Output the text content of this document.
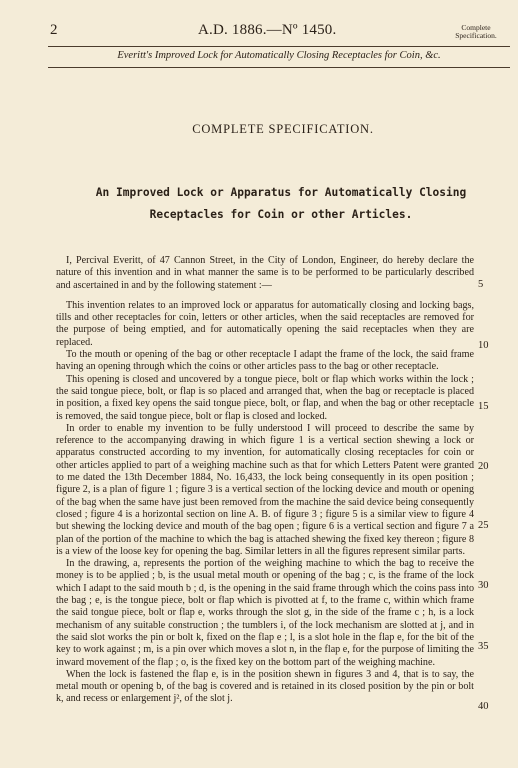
2	A.D. 1886.—Nº 1450.	Complete
Specification.
Everitt's Improved Lock for Automatically Closing Receptacles for Coin, &c.
COMPLETE SPECIFICATION.
An Improved Lock or Apparatus for Automatically Closing
Receptacles for Coin or other Articles.

I, Percival Everitt, of 47 Cannon Street, in the City of London, Engineer, do hereby declare the nature of this invention and in what manner the same is to be performed to be particularly described and ascertained in and by the following statement :—

This invention relates to an improved lock or apparatus for automatically closing and locking bags, tills and other receptacles for coin, letters or other articles, when the said receptacles are removed for the purpose of being emptied, and for automatically opening the said receptacles when they are replaced.

To the mouth or opening of the bag or other receptacle I adapt the frame of the lock, the said frame having an opening through which the coins or other articles pass to the bag or other receptacle.

This opening is closed and uncovered by a tongue piece, bolt or flap which works within the lock ; the said tongue piece, bolt, or flap is so placed and arranged that, when the bag or receptacle is placed in position, a fixed key opens the said tongue piece, bolt, or flap, and when the bag or other receptacle is removed, the said tongue piece, bolt or flap is closed and locked.

In order to enable my invention to be fully understood I will proceed to describe the same by reference to the accompanying drawing in which figure 1 is a vertical section shewing a lock or apparatus constructed according to my invention, for automatically closing receptacles for coin or other articles applied to part of a weighing machine such as that for which Letters Patent were granted to me dated the 13th December 1884, No. 16,433, the lock being consequently in its open position ; figure 2, is a plan of figure 1 ; figure 3 is a vertical section of the locking device and mouth or opening of the bag when the same have just been removed from the machine the said device being consequently closed ; figure 4 is a horizontal section on line A. B. of figure 3 ; figure 5 is a similar view to figure 4 but shewing the locking device and mouth of the bag open ; figure 6 is a vertical section and figure 7 a plan of the portion of the machine to which the bag is attached shewing the fixed key thereon ; figure 8 is a view of the loose key for opening the bag. Similar letters in all the figures represent similar parts.

In the drawing, a, represents the portion of the weighing machine to which the bag to receive the money is to be applied ; b, is the usual metal mouth or opening of the bag ; c, is the frame of the lock which I adapt to the said mouth b ; d, is the opening in the said frame through which the coins pass into the bag ; e, is the tongue piece, bolt or flap which is pivotted at f, to the frame c, within which frame the said tongue piece, bolt or flap e, works through the slot g, in the side of the frame c ; h, is a lock mechanism of any suitable construction ; the tumblers i, of the lock mechanism are slotted at j, and in the said slot works the pin or bolt k, fixed on the flap e ; l, is a slot hole in the flap e, for the bit of the key to work against ; m, is a pin over which moves a slot n, in the flap e, for the purpose of limiting the inward movement of the flap ; o, is the fixed key on the bottom part of the weighing machine.

When the lock is fastened the flap e, is in the position shewn in figures 3 and 4, that is to say, the metal mouth or opening b, of the bag is covered and is retained in its closed position by the pin or bolt k, and recess or enlargement j², of the slot j.

5
10
15
20
25
30
35
40
